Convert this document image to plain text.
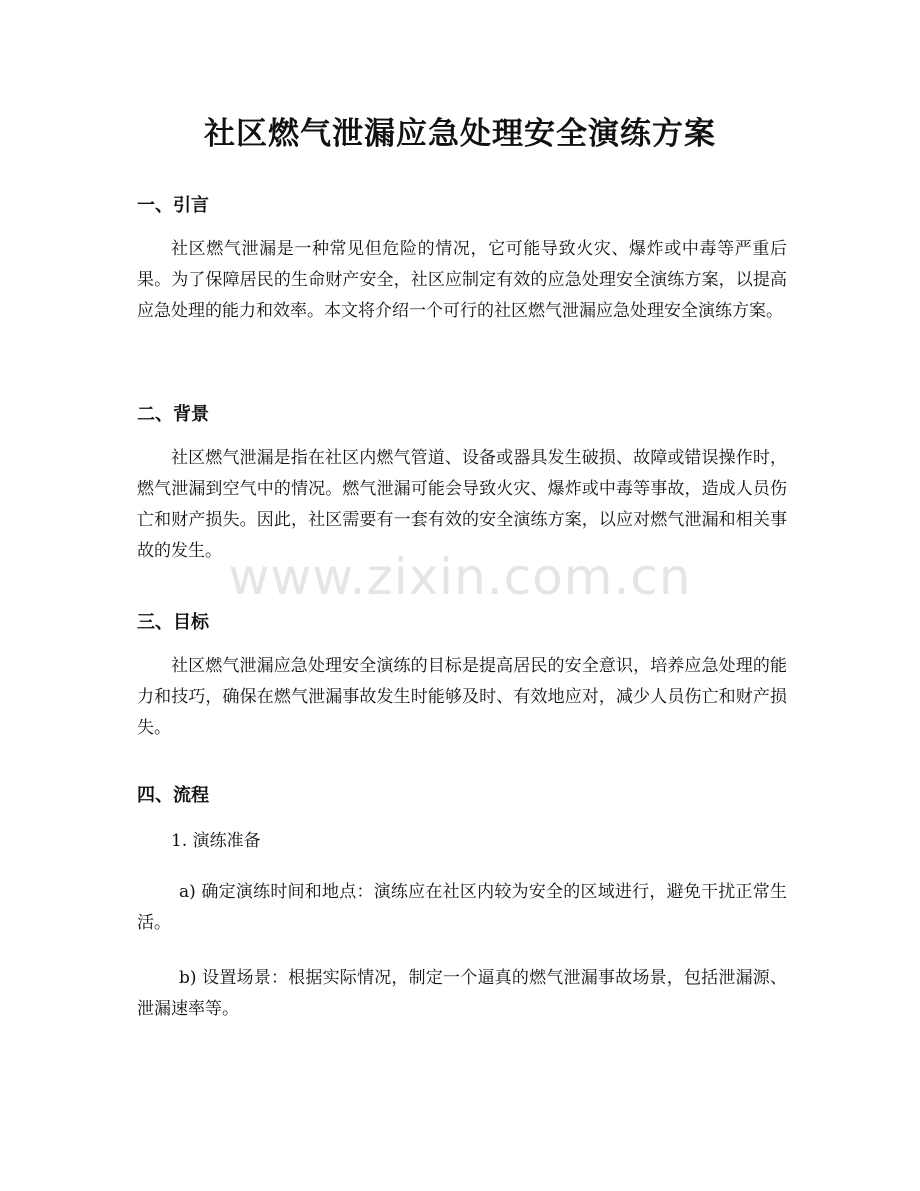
社区燃气泄漏应急处理安全演练方案
一、引言

社区燃气泄漏是一种常见但危险的情况，它可能导致火灾、爆炸或中毒等严重后果。为了保障居民的生命财产安全，社区应制定有效的应急处理安全演练方案，以提高应急处理的能力和效率。本文将介绍一个可行的社区燃气泄漏应急处理安全演练方案。

二、背景

社区燃气泄漏是指在社区内燃气管道、设备或器具发生破损、故障或错误操作时，燃气泄漏到空气中的情况。燃气泄漏可能会导致火灾、爆炸或中毒等事故，造成人员伤亡和财产损失。因此，社区需要有一套有效的安全演练方案，以应对燃气泄漏和相关事故的发生。

三、目标

社区燃气泄漏应急处理安全演练的目标是提高居民的安全意识，培养应急处理的能力和技巧，确保在燃气泄漏事故发生时能够及时、有效地应对，减少人员伤亡和财产损失。

四、流程

1. 演练准备

a) 确定演练时间和地点：演练应在社区内较为安全的区域进行，避免干扰正常生活。

b) 设置场景：根据实际情况，制定一个逼真的燃气泄漏事故场景，包括泄漏源、泄漏速率等。

www.zixin.com.cn
